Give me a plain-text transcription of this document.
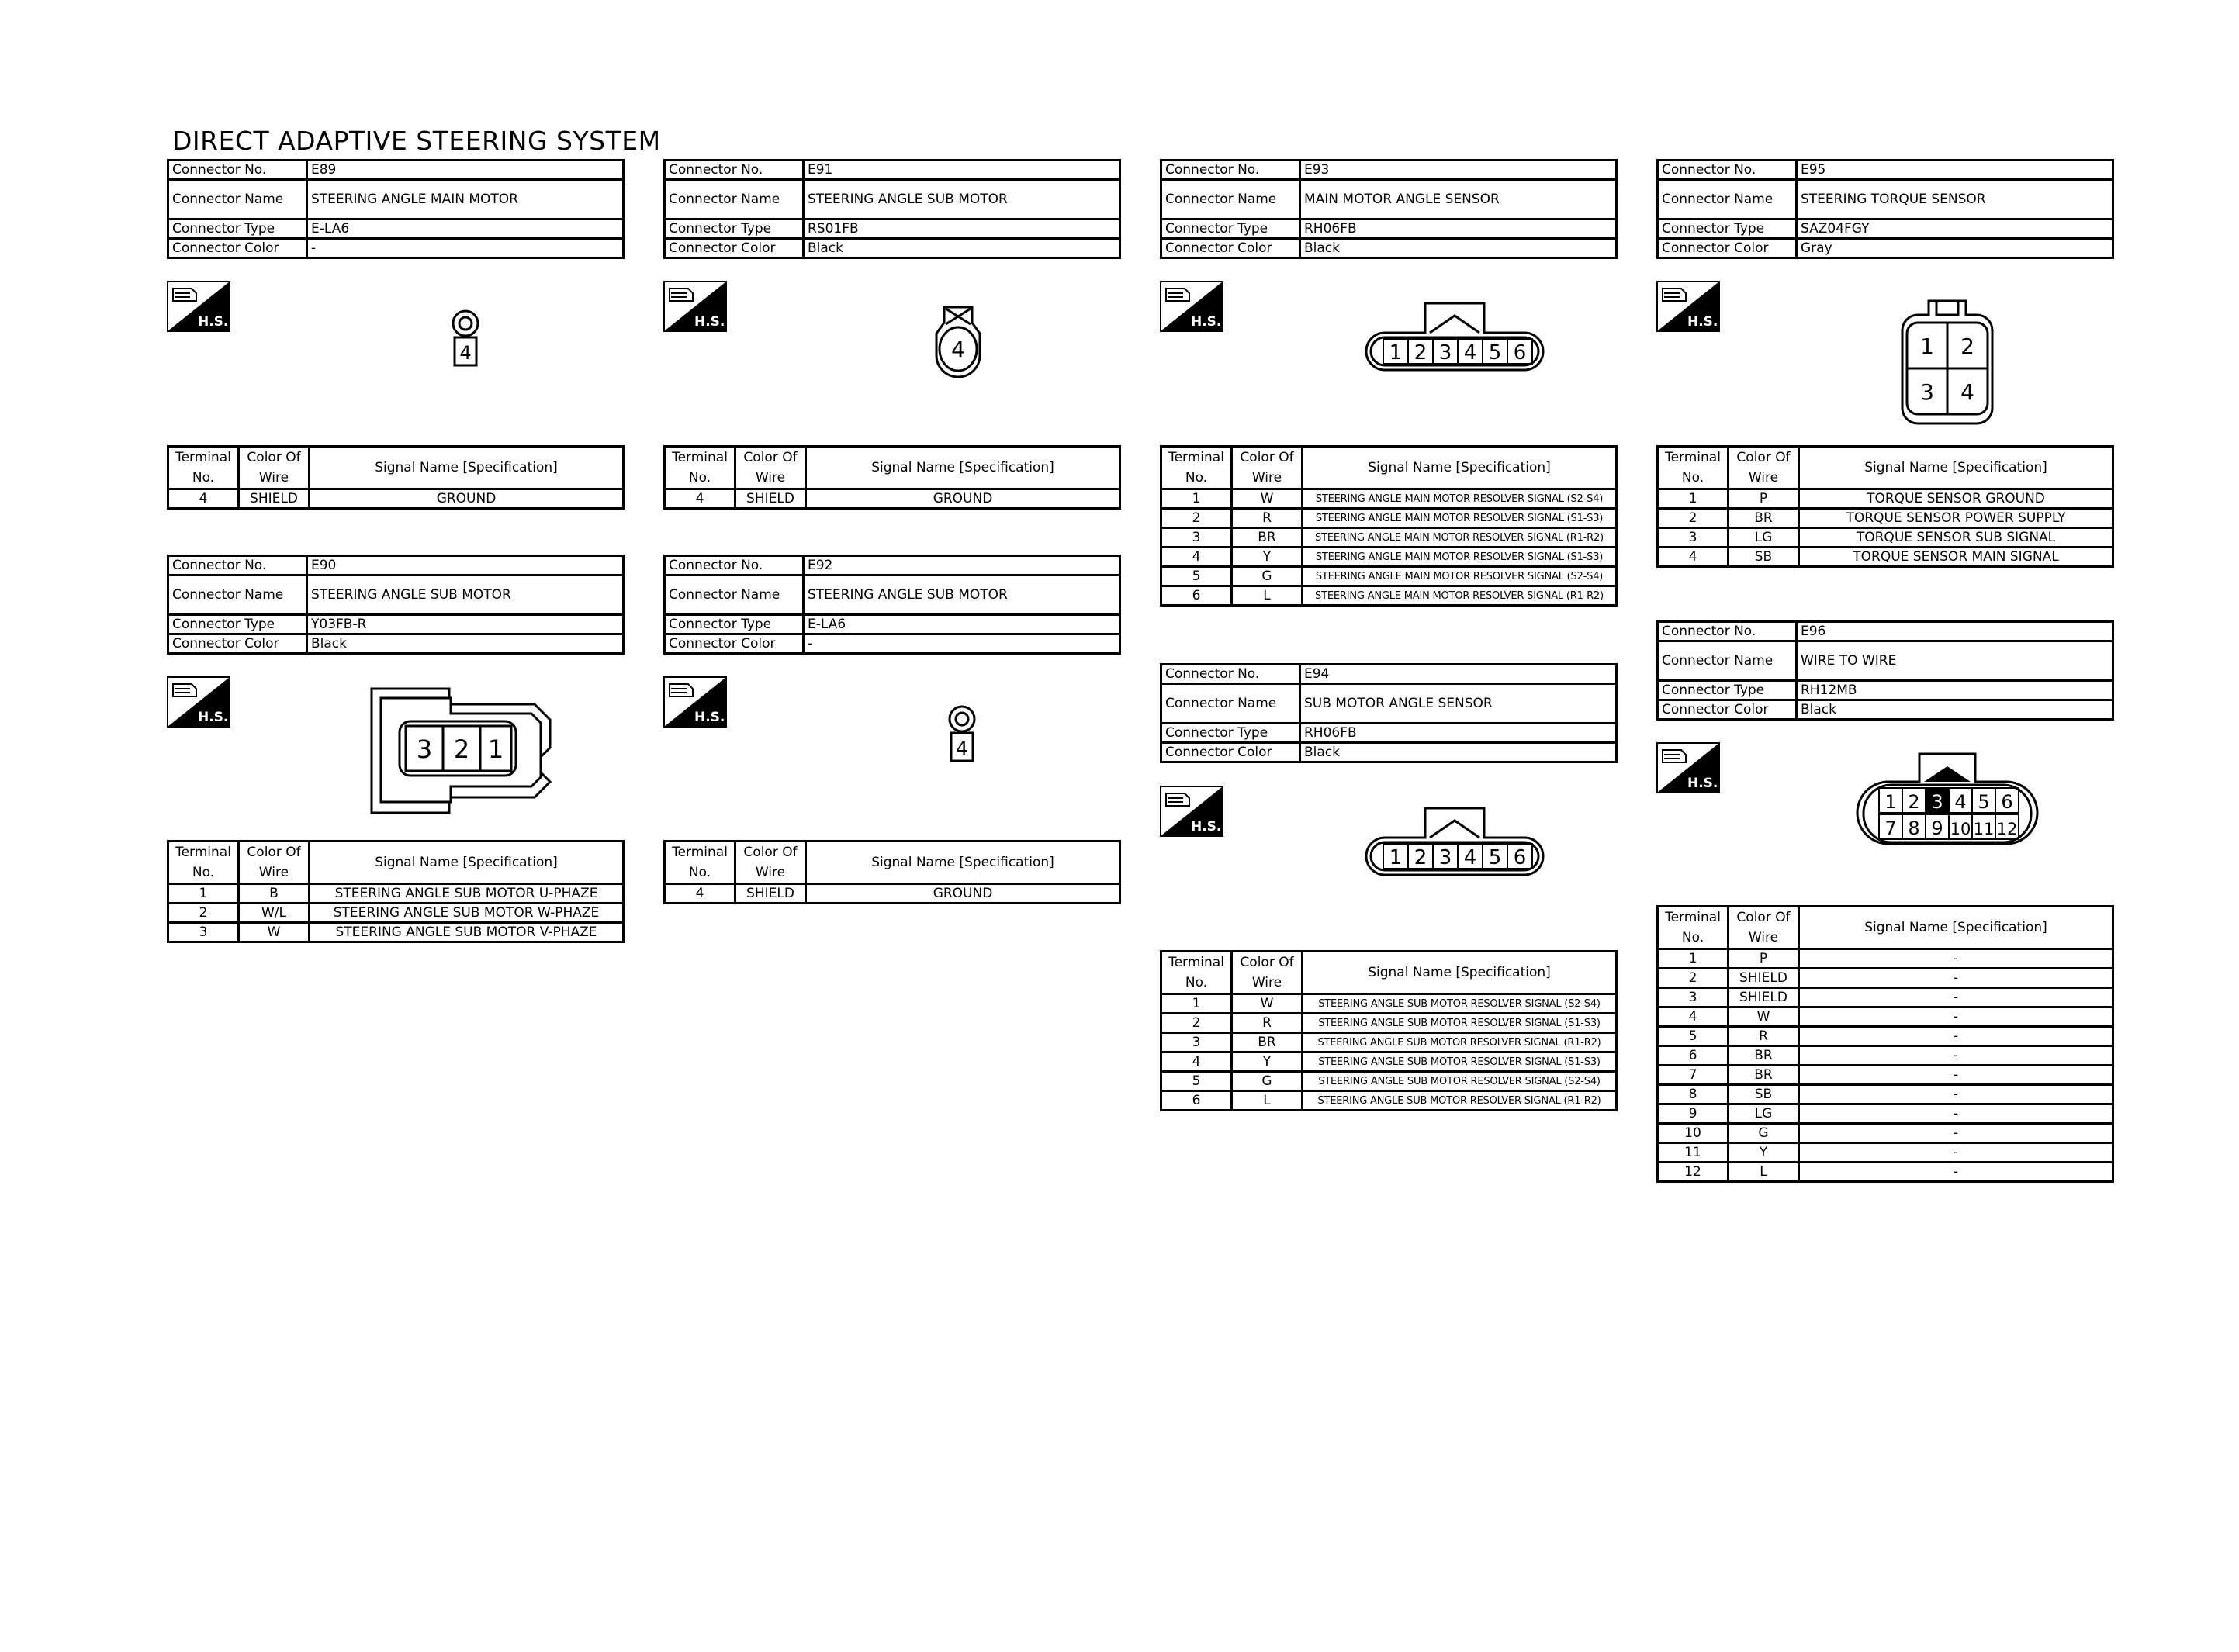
DIRECT ADAPTIVE STEERING SYSTEM
Connector No.	E89
Connector Name	STEERING ANGLE MAIN MOTOR
Connector Type	E-LA6
Connector Color	-
Connector No.	E91
Connector Name	STEERING ANGLE SUB MOTOR
Connector Type	RS01FB
Connector Color	Black
Connector No.	E93
Connector Name	MAIN MOTOR ANGLE SENSOR
Connector Type	RH06FB
Connector Color	Black
Connector No.	E95
Connector Name	STEERING TORQUE SENSOR
Connector Type	SAZ04FGY
Connector Color	Gray
Connector No.	E90
Connector Name	STEERING ANGLE SUB MOTOR
Connector Type	Y03FB-R
Connector Color	Black
Connector No.	E92
Connector Name	STEERING ANGLE SUB MOTOR
Connector Type	E-LA6
Connector Color	-
Connector No.	E94
Connector Name	SUB MOTOR ANGLE SENSOR
Connector Type	RH06FB
Connector Color	Black
Connector No.	E96
Connector Name	WIRE TO WIRE
Connector Type	RH12MB
Connector Color	Black
H.S.	H.S.	H.S.	H.S.
H.S.	H.S.
H.S.
H.S.
4	4	1 2 3 4 5 6	1 2
3 4
3 2 1	4
1 2 3 4 5 6
1 2 3 4 5 6
7 8 9 10 11 12
Terminal No.	Color Of Wire	Signal Name [Specification]
4	SHIELD	GROUND
Terminal No.	Color Of Wire	Signal Name [Specification]
4	SHIELD	GROUND
Terminal No.	Color Of Wire	Signal Name [Specification]
1	W	STEERING ANGLE MAIN MOTOR RESOLVER SIGNAL (S2-S4)
2	R	STEERING ANGLE MAIN MOTOR RESOLVER SIGNAL (S1-S3)
3	BR	STEERING ANGLE MAIN MOTOR RESOLVER SIGNAL (R1-R2)
4	Y	STEERING ANGLE MAIN MOTOR RESOLVER SIGNAL (S1-S3)
5	G	STEERING ANGLE MAIN MOTOR RESOLVER SIGNAL (S2-S4)
6	L	STEERING ANGLE MAIN MOTOR RESOLVER SIGNAL (R1-R2)
Terminal No.	Color Of Wire	Signal Name [Specification]
1	P	TORQUE SENSOR GROUND
2	BR	TORQUE SENSOR POWER SUPPLY
3	LG	TORQUE SENSOR SUB SIGNAL
4	SB	TORQUE SENSOR MAIN SIGNAL
Terminal No.	Color Of Wire	Signal Name [Specification]
1	B	STEERING ANGLE SUB MOTOR U-PHAZE
2	W/L	STEERING ANGLE SUB MOTOR W-PHAZE
3	W	STEERING ANGLE SUB MOTOR V-PHAZE
Terminal No.	Color Of Wire	Signal Name [Specification]
4	SHIELD	GROUND
Terminal No.	Color Of Wire	Signal Name [Specification]
1	W	STEERING ANGLE SUB MOTOR RESOLVER SIGNAL (S2-S4)
2	R	STEERING ANGLE SUB MOTOR RESOLVER SIGNAL (S1-S3)
3	BR	STEERING ANGLE SUB MOTOR RESOLVER SIGNAL (R1-R2)
4	Y	STEERING ANGLE SUB MOTOR RESOLVER SIGNAL (S1-S3)
5	G	STEERING ANGLE SUB MOTOR RESOLVER SIGNAL (S2-S4)
6	L	STEERING ANGLE SUB MOTOR RESOLVER SIGNAL (R1-R2)
Terminal No.	Color Of Wire	Signal Name [Specification]
1	P	-
2	SHIELD	-
3	SHIELD	-
4	W	-
5	R	-
6	BR	-
7	BR	-
8	SB	-
9	LG	-
10	G	-
11	Y	-
12	L	-
